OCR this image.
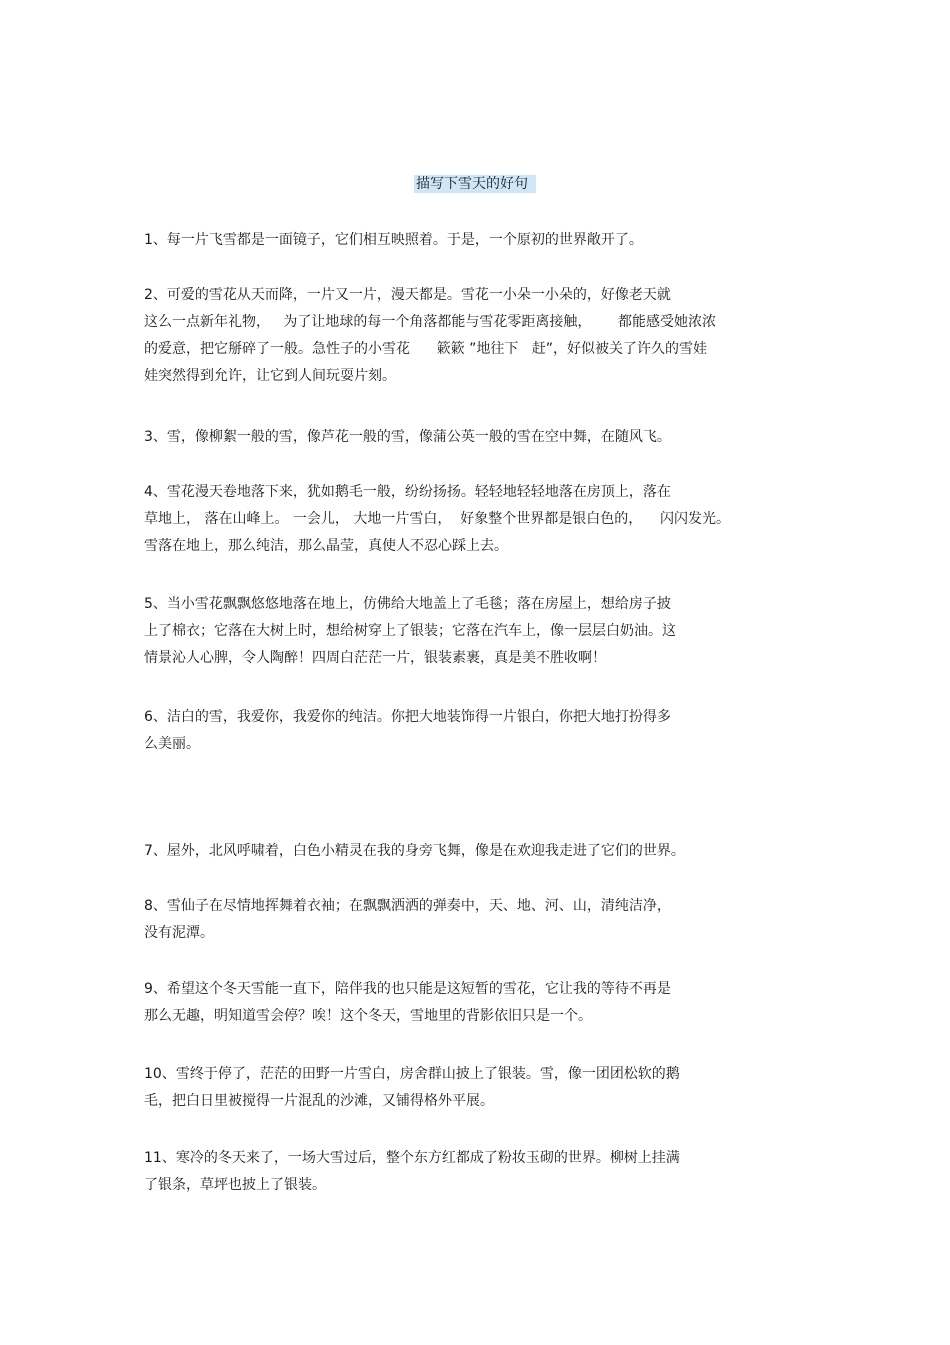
描写下雪天的好句
1、每一片飞雪都是一面镜子，它们相互映照着。于是，一个原初的世界敞开了。
2、可爱的雪花从天而降，一片又一片，漫天都是。雪花一小朵一小朵的，好像老天就
这么一点新年礼物，   为了让地球的每一个角落都能与雪花零距离接触，      都能感受她浓浓
的爱意，把它掰碎了一般。急性子的小雪花      簌簌 ”地往下   赶”，好似被关了许久的雪娃
娃突然得到允许，让它到人间玩耍片刻。
3、雪，像柳絮一般的雪，像芦花一般的雪，像蒲公英一般的雪在空中舞，在随风飞。
4、雪花漫天卷地落下来，犹如鹅毛一般，纷纷扬扬。轻轻地轻轻地落在房顶上，落在
草地上， 落在山峰上。 一会儿， 大地一片雪白，  好象整个世界都是银白色的，    闪闪发光。
雪落在地上，那么纯洁，那么晶莹，真使人不忍心踩上去。
5、当小雪花飘飘悠悠地落在地上，仿佛给大地盖上了毛毯；落在房屋上，想给房子披
上了棉衣；它落在大树上时，想给树穿上了银装；它落在汽车上，像一层层白奶油。这
情景沁人心脾，令人陶醉！四周白茫茫一片，银装素裹，真是美不胜收啊！
6、洁白的雪，我爱你，我爱你的纯洁。你把大地装饰得一片银白，你把大地打扮得多
么美丽。
7、屋外，北风呼啸着，白色小精灵在我的身旁飞舞，像是在欢迎我走进了它们的世界。
8、雪仙子在尽情地挥舞着衣袖；在飘飘洒洒的弹奏中，天、地、河、山，清纯洁净，
没有泥潭。
9、希望这个冬天雪能一直下，陪伴我的也只能是这短暂的雪花，它让我的等待不再是
那么无趣，明知道雪会停？唉！这个冬天，雪地里的背影依旧只是一个。
10、雪终于停了，茫茫的田野一片雪白，房舍群山披上了银装。雪，像一团团松软的鹅
毛，把白日里被搅得一片混乱的沙滩，又铺得格外平展。
11、寒冷的冬天来了，一场大雪过后，整个东方红都成了粉妆玉砌的世界。柳树上挂满
了银条，草坪也披上了银装。
